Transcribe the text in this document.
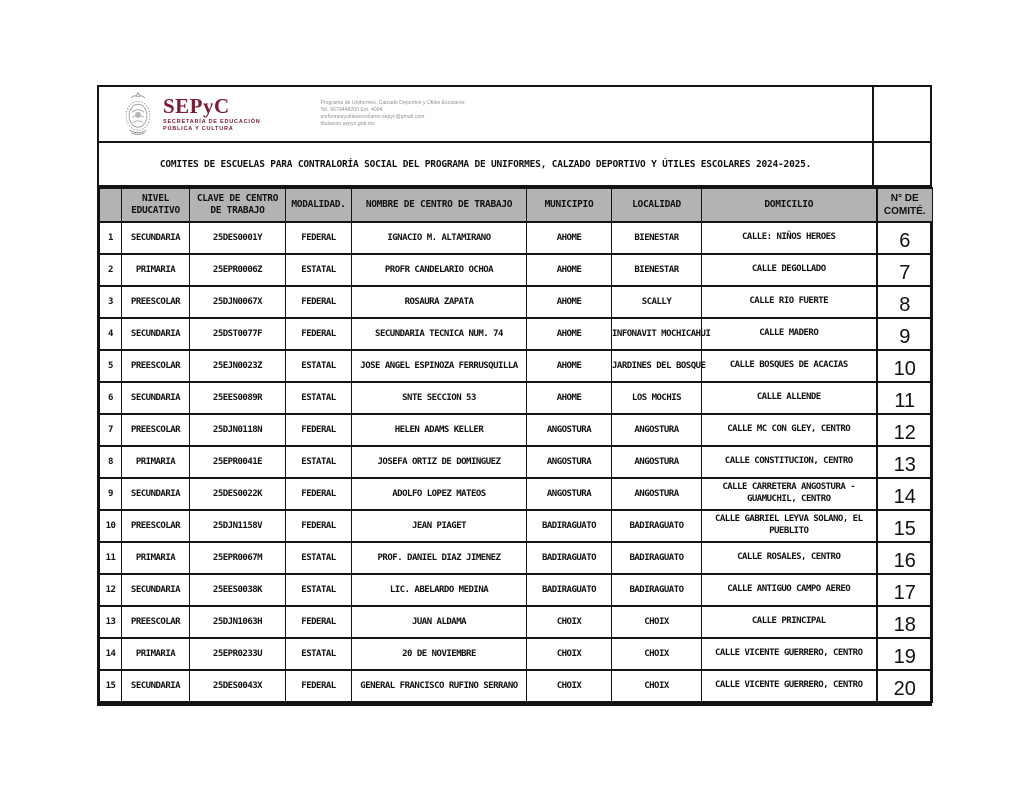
SEPyC
SECRETARÍA DE EDUCACIÓN
PÚBLICA Y CULTURA
Programa de Uniformes, Calzado Deportivo y Útiles Escolares
Tel. 6679448200 Ext. 4004
uniformesyutilesescolares.sepyc@gmail.com
titulacion.sepyc.gob.mx
COMITES DE ESCUELAS PARA CONTRALORÍA SOCIAL DEL PROGRAMA DE UNIFORMES, CALZADO DEPORTIVO Y ÚTILES ESCOLARES 2024-2025.
	NIVEL EDUCATIVO	CLAVE DE CENTRO DE TRABAJO	MODALIDAD.	NOMBRE DE CENTRO DE TRABAJO	MUNICIPIO	LOCALIDAD	DOMICILIO	N° DE COMITÉ.
1	SECUNDARIA	25DES0001Y	FEDERAL	IGNACIO M. ALTAMIRANO	AHOME	BIENESTAR	CALLE: NIÑOS HEROES	6
2	PRIMARIA	25EPR0006Z	ESTATAL	PROFR CANDELARIO OCHOA	AHOME	BIENESTAR	CALLE DEGOLLADO	7
3	PREESCOLAR	25DJN0067X	FEDERAL	ROSAURA ZAPATA	AHOME	SCALLY	CALLE RIO FUERTE	8
4	SECUNDARIA	25DST0077F	FEDERAL	SECUNDARIA TECNICA NUM. 74	AHOME	INFONAVIT MOCHICAHUI	CALLE MADERO	9
5	PREESCOLAR	25EJN0023Z	ESTATAL	JOSE ANGEL ESPINOZA FERRUSQUILLA	AHOME	JARDINES DEL BOSQUE	CALLE BOSQUES DE ACACIAS	10
6	SECUNDARIA	25EES0089R	ESTATAL	SNTE SECCION 53	AHOME	LOS MOCHIS	CALLE ALLENDE	11
7	PREESCOLAR	25DJN0118N	FEDERAL	HELEN ADAMS KELLER	ANGOSTURA	ANGOSTURA	CALLE MC CON GLEY, CENTRO	12
8	PRIMARIA	25EPR0041E	ESTATAL	JOSEFA ORTIZ DE DOMINGUEZ	ANGOSTURA	ANGOSTURA	CALLE CONSTITUCION, CENTRO	13
9	SECUNDARIA	25DES0022K	FEDERAL	ADOLFO LOPEZ MATEOS	ANGOSTURA	ANGOSTURA	CALLE CARRETERA ANGOSTURA - GUAMUCHIL, CENTRO	14
10	PREESCOLAR	25DJN1158V	FEDERAL	JEAN PIAGET	BADIRAGUATO	BADIRAGUATO	CALLE GABRIEL LEYVA SOLANO, EL PUEBLITO	15
11	PRIMARIA	25EPR0067M	ESTATAL	PROF. DANIEL DIAZ JIMENEZ	BADIRAGUATO	BADIRAGUATO	CALLE ROSALES, CENTRO	16
12	SECUNDARIA	25EES0038K	ESTATAL	LIC. ABELARDO MEDINA	BADIRAGUATO	BADIRAGUATO	CALLE ANTIGUO CAMPO AEREO	17
13	PREESCOLAR	25DJN1063H	FEDERAL	JUAN ALDAMA	CHOIX	CHOIX	CALLE PRINCIPAL	18
14	PRIMARIA	25EPR0233U	ESTATAL	20 DE NOVIEMBRE	CHOIX	CHOIX	CALLE VICENTE GUERRERO, CENTRO	19
15	SECUNDARIA	25DES0043X	FEDERAL	GENERAL FRANCISCO RUFINO SERRANO	CHOIX	CHOIX	CALLE VICENTE GUERRERO, CENTRO	20
